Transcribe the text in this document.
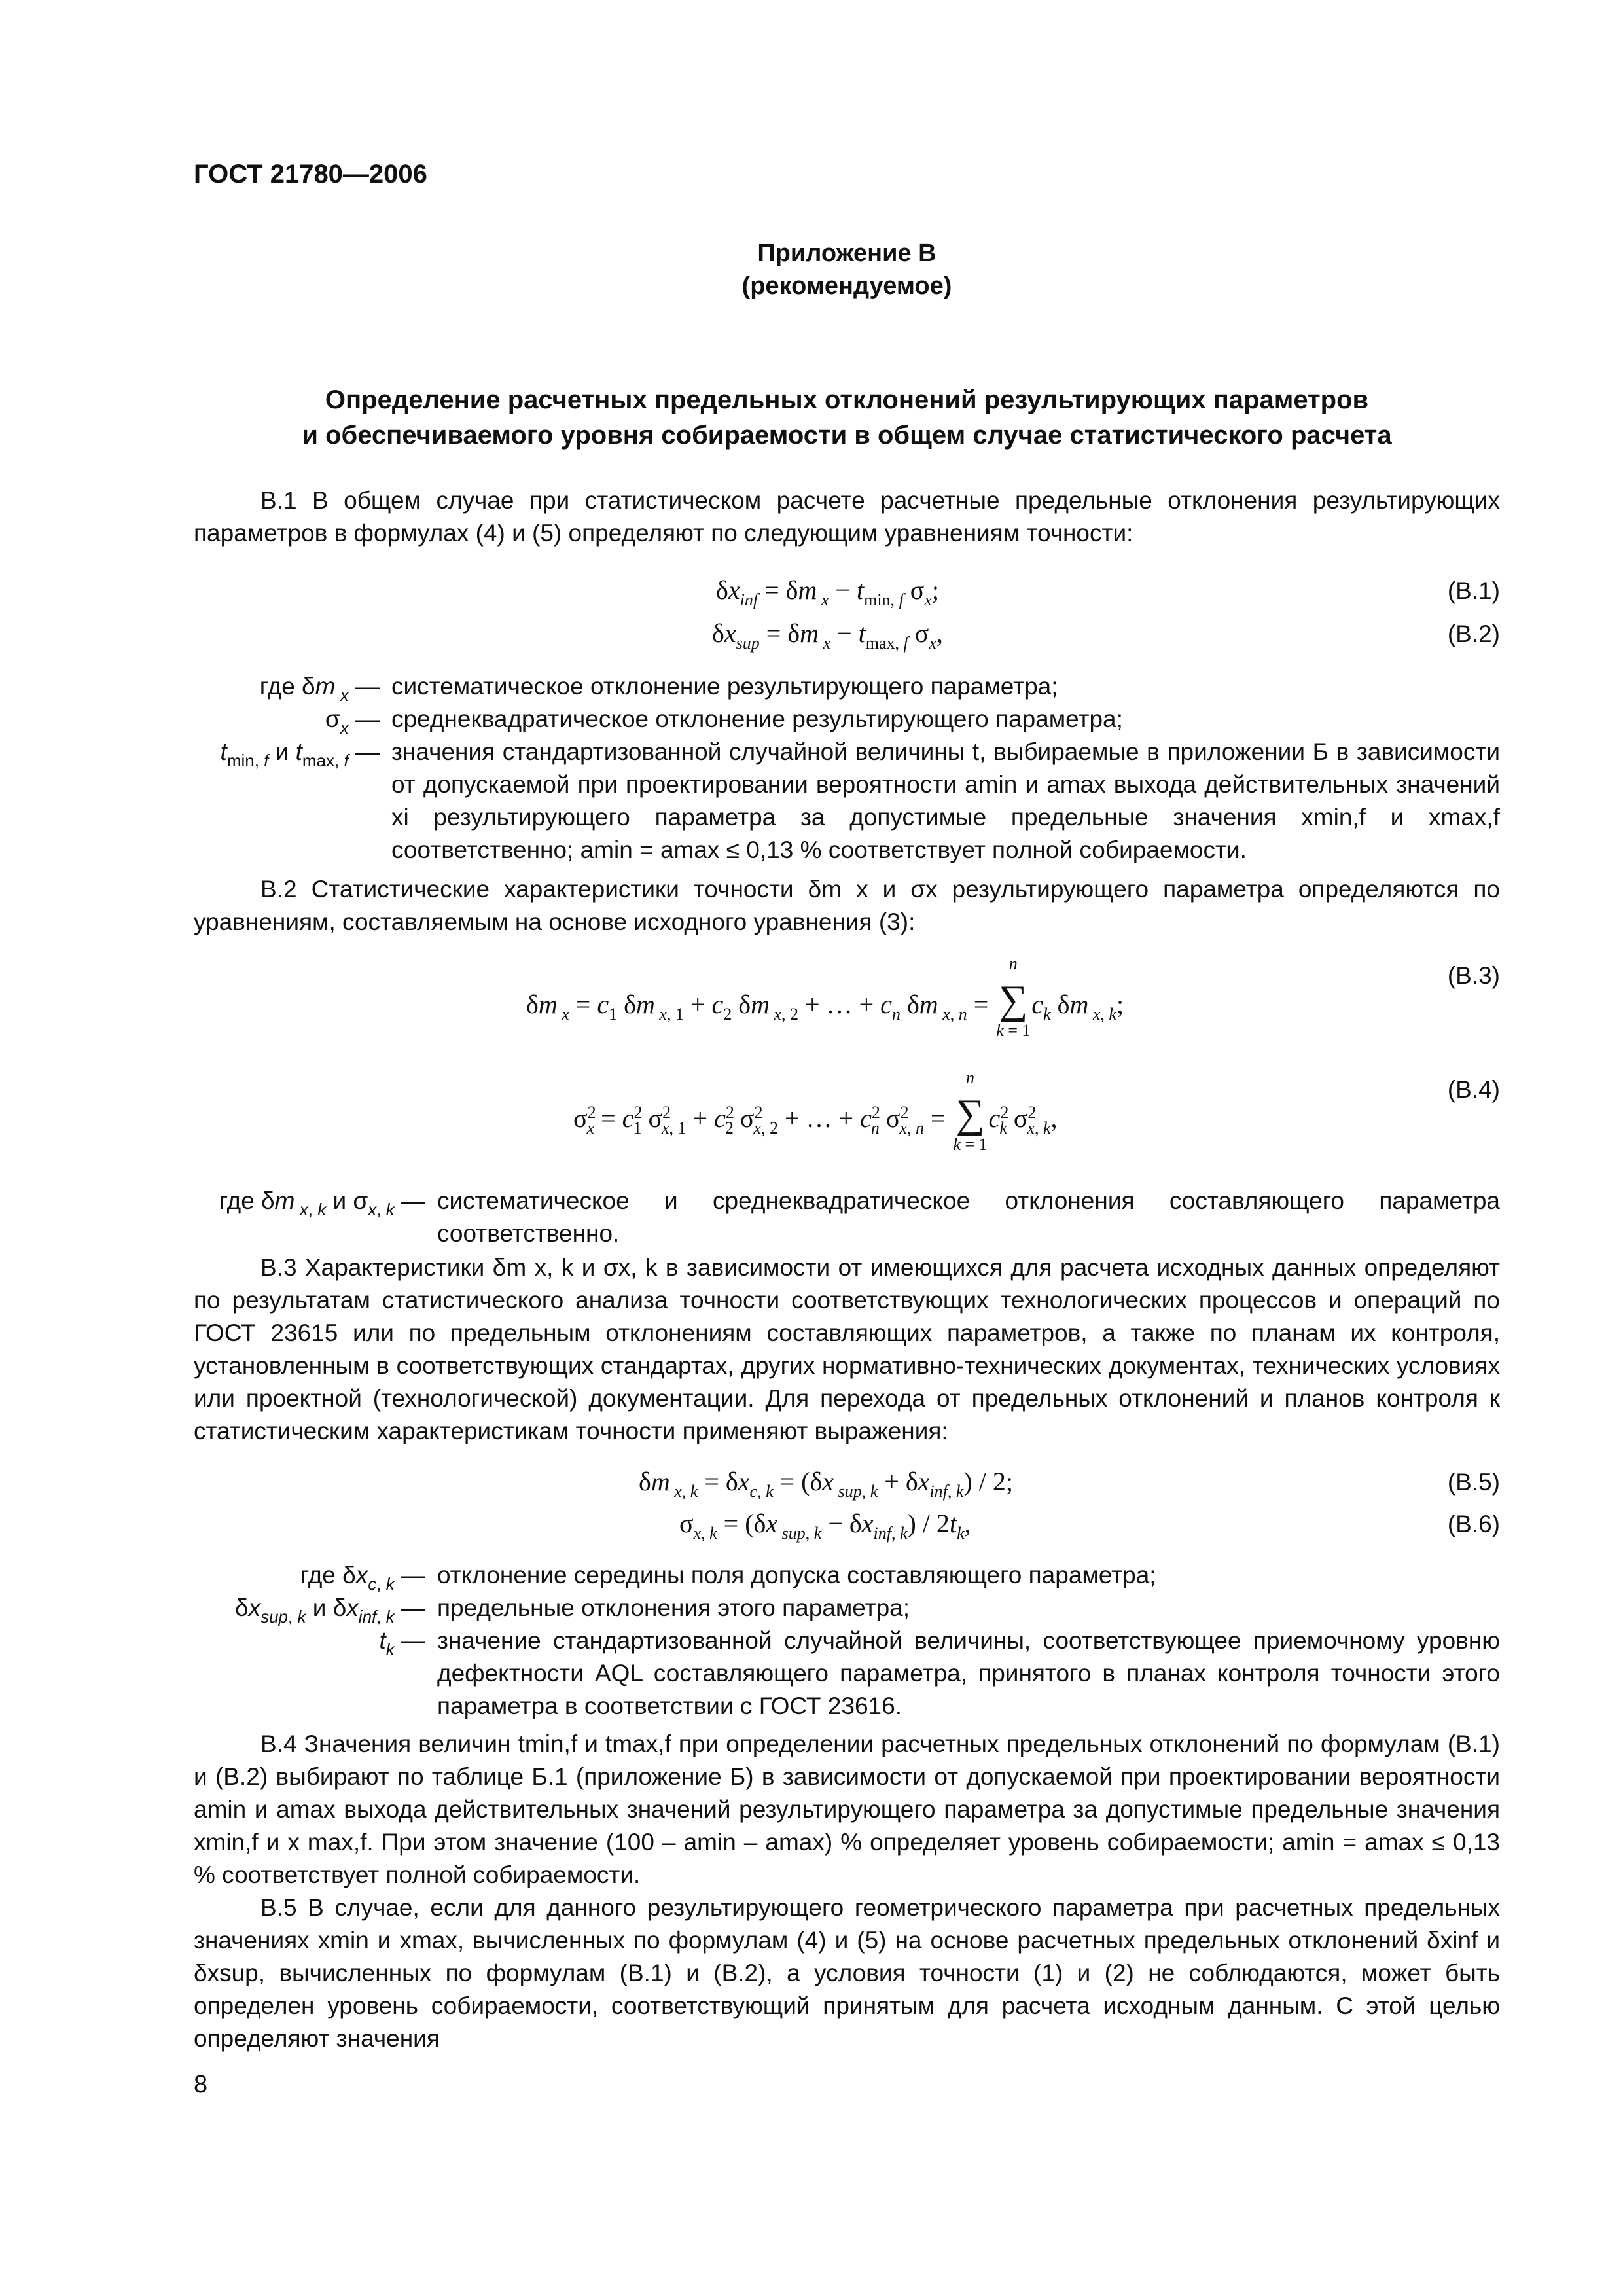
ГОСТ 21780—2006
Приложение В
(рекомендуемое)
Определение расчетных предельных отклонений результирующих параметров
и обеспечиваемого уровня собираемости в общем случае статистического расчета
В.1 В общем случае при статистическом расчете расчетные предельные отклонения результирующих параметров в формулах (4) и (5) определяют по следующим уравнениям точности:
$\delta x_{inf} = \delta m$ $_x - t_{min, f}$ $\sigma_x$;	(В.1)
$\delta x_{sup} = \delta m$ $_x - t_{max, f}$ $\sigma_x$,	(В.2)
где δm $_x$ — систематическое отклонение результирующего параметра;
$\sigma_x$ — среднеквадратическое отклонение результирующего параметра;
$t_{min, f}$ и $t_{max, f}$ — значения стандартизованной случайной величины t, выбираемые в приложении Б в зависимости от допускаемой при проектировании вероятности amin и amax выхода действительных значений xi результирующего параметра за допустимые предельные значения xmin,f и xmax,f соответственно; amin = amax ≤ 0,13 % соответствует полной собираемости.
В.2 Статистические характеристики точности δm x и σx результирующего параметра определяются по уравнениям, составляемым на основе исходного уравнения (3):
δm $_x = c_1$ δm $_{x, 1} + c_2$ δm $_{x, 2}$ + … + $c_n$ δm $_{x, n}$ =
n
∑
k = 1
$c_k$ δm $_{x, k}$;
(В.3)
$\sigma^2_x = c^2_1$ $\sigma^2_{x, 1} + c^2_2$ $\sigma^2_{x, 2}$ + … + $c^2_n$ $\sigma^2_{x, n}$ =
n
∑
k = 1
$c^2_k$ $\sigma^2_{x, k}$,
(В.4)
где δm $_{x, k}$ и $\sigma_{x, k}$ — систематическое и среднеквадратическое отклонения составляющего параметра соответственно.
В.3 Характеристики δm x, k и σx, k в зависимости от имеющихся для расчета исходных данных определяют по результатам статистического анализа точности соответствующих технологических процессов и операций по ГОСТ 23615 или по предельным отклонениям составляющих параметров, а также по планам их контроля, установленным в соответствующих стандартах, других нормативно-технических документах, технических условиях или проектной (технологической) документации. Для перехода от предельных отклонений и планов контроля к статистическим характеристикам точности применяют выражения:
δm $_{x, k} = \delta x_{c, k} = (\delta x$ $_{sup, k} + \delta x_{inf, k}) / 2$;	(В.5)
$\sigma_{x, k} = (\delta x$ $_{sup, k} - \delta x_{inf, k}) / 2t_k$,	(В.6)
где $\delta x_{c, k}$ — отклонение середины поля допуска составляющего параметра;
$\delta x_{sup, k}$ и $\delta x_{inf, k}$ — предельные отклонения этого параметра;
$t_k$ — значение стандартизованной случайной величины, соответствующее приемочному уровню дефектности AQL составляющего параметра, принятого в планах контроля точности этого параметра в соответствии с ГОСТ 23616.
В.4 Значения величин tmin,f и tmax,f при определении расчетных предельных отклонений по формулам (В.1) и (В.2) выбирают по таблице Б.1 (приложение Б) в зависимости от допускаемой при проектировании вероятности amin и amax выхода действительных значений результирующего параметра за допустимые предельные значения xmin,f и x max,f. При этом значение (100 – amin – amax) % определяет уровень собираемости; amin = amax ≤ 0,13 % соответствует полной собираемости.
В.5 В случае, если для данного результирующего геометрического параметра при расчетных предельных значениях xmin и xmax, вычисленных по формулам (4) и (5) на основе расчетных предельных отклонений δxinf и δxsup, вычисленных по формулам (В.1) и (В.2), а условия точности (1) и (2) не соблюдаются, может быть определен уровень собираемости, соответствующий принятым для расчета исходным данным. С этой целью определяют значения
8
